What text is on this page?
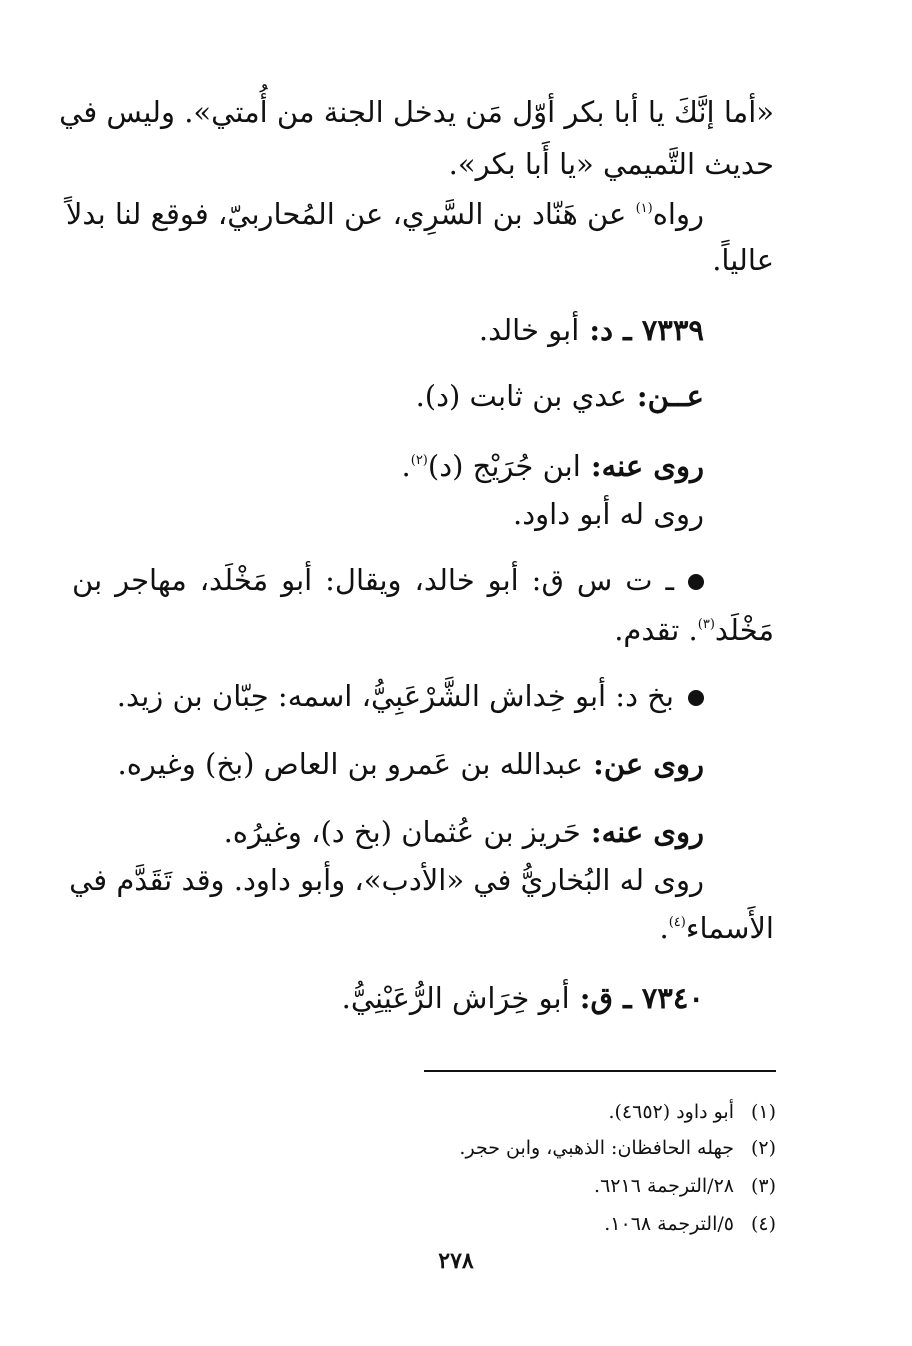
«أما إنَّكَ يا أبا بكر أوّل مَن يدخل الجنة من أُمتي». وليس في
حديث التَّميمي «يا أَبا بكر».
رواه$^{(١)}$ عن هَنّاد بن السَّرِي، عن المُحاربيّ، فوقع لنا بدلاً
عالياً.
٧٣٣٩ ـ د: أبو خالد.
عــن: عدي بن ثابت (د).
روى عنه: ابن جُرَيْج (د)$^{(٢)}$.
روى له أبو داود.
ـ ت س ق: أبو خالد، ويقال: أبو مَخْلَد، مهاجر بن
مَخْلَد$^{(٣)}$. تقدم.
بخ د: أبو خِداش الشَّرْعَبِيُّ، اسمه: حِبّان بن زيد.
روى عن: عبدالله بن عَمرو بن العاص (بخ) وغيره.
روى عنه: حَريز بن عُثمان (بخ د)، وغيرُه.
روى له البُخاريُّ في «الأدب»، وأبو داود. وقد تَقَدَّم في
الأَسماء$^{(٤)}$.
٧٣٤٠ ـ ق: أبو خِرَاش الرُّعَيْنِيُّ.
(١)أبو داود (٤٦٥٢).
(٢)جهله الحافظان: الذهبي، وابن حجر.
(٣)٢٨/الترجمة ٦٢١٦.
(٤)٥/الترجمة ١٠٦٨.
٢٧٨
